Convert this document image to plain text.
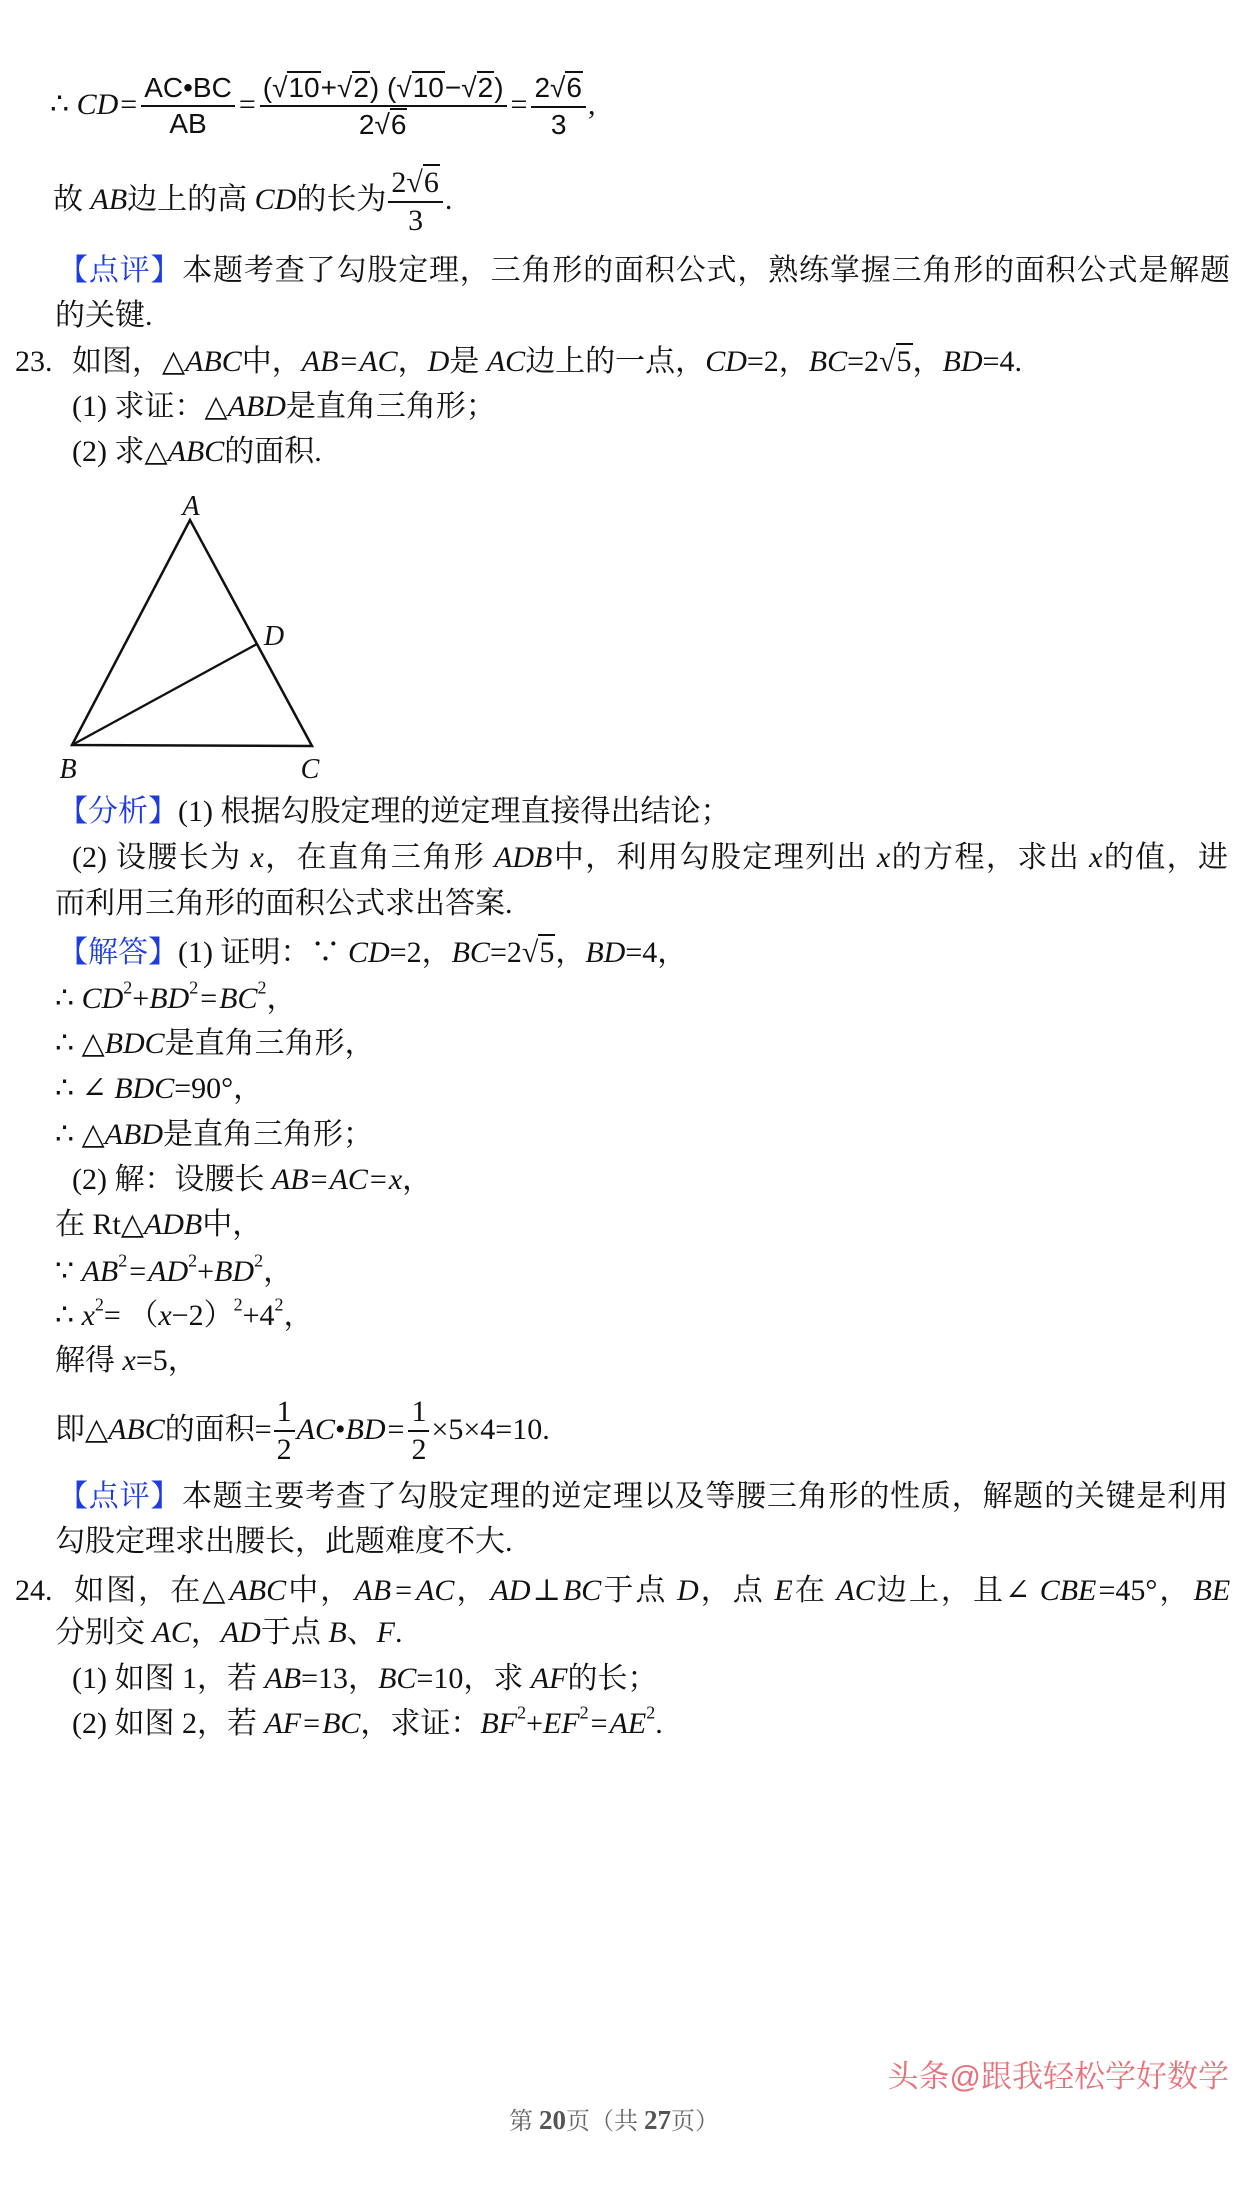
∴ CD = $\frac{AC•BC}{AB}$ =
( √ 10 + √ 2 ) ( √ 10 − √ 2 )
2 √ 6
= $\frac{2 √ 6}{3}$ ,
故 AB 边上的高 CD 的长为 $\frac{2 √ 6}{3}$ .
【点评】 本题考查了勾股定理，三角形的面积公式，熟练掌握三角形的面积公式是解题
的关键.
23. 如图， △ ABC 中， AB = AC ， D 是 AC 边上的一点， CD =2， BC =2 √ 5 ， BD =4.
(1) 求证： △ ABD 是直角三角形；
(2) 求 △ ABC 的面积.
A
D
B	C
【分析】 (1) 根据勾股定理的逆定理直接得出结论；
(2) 设腰长为 x ，在直角三角形 ADB 中，利用勾股定理列出 x 的方程，求出 x 的值，进
而利用三角形的面积公式求出答案.
【解答】 (1) 证明：∵ CD =2， BC =2 √ 5 ， BD =4，
∴ CD 2 + BD 2 = BC 2 ，
∴ △ BDC 是直角三角形，
∴ ∠ BDC =90°，
∴ △ ABD 是直角三角形；
(2) 解：设腰长 AB = AC = x ，
在 Rt△ ADB 中，
∵ AB 2 = AD 2 + BD 2 ，
∴ x 2 = （ x −2） 2 +4 2 ，
解得 x =5，
即△ ABC 的面积= $\frac{1}{2}$ AC • BD = $\frac{1}{2} \times 5\times 4=10$.
【点评】 本题主要考查了勾股定理的逆定理以及等腰三角形的性质，解题的关键是利用
勾股定理求出腰长，此题难度不大.
24. 如图，在△ ABC 中， AB = AC ， AD ⊥ BC 于点 D ，点 E 在 AC 边上，且∠ CBE =45°， BE
分别交 AC ， AD 于点 B 、 F .
(1) 如图 1，若 AB =13， BC =10，求 AF 的长；
(2) 如图 2，若 AF = BC ，求证： BF 2 + EF 2 = AE 2 .
头条@跟我轻松学好数学
第 20 页（共 27 页）
